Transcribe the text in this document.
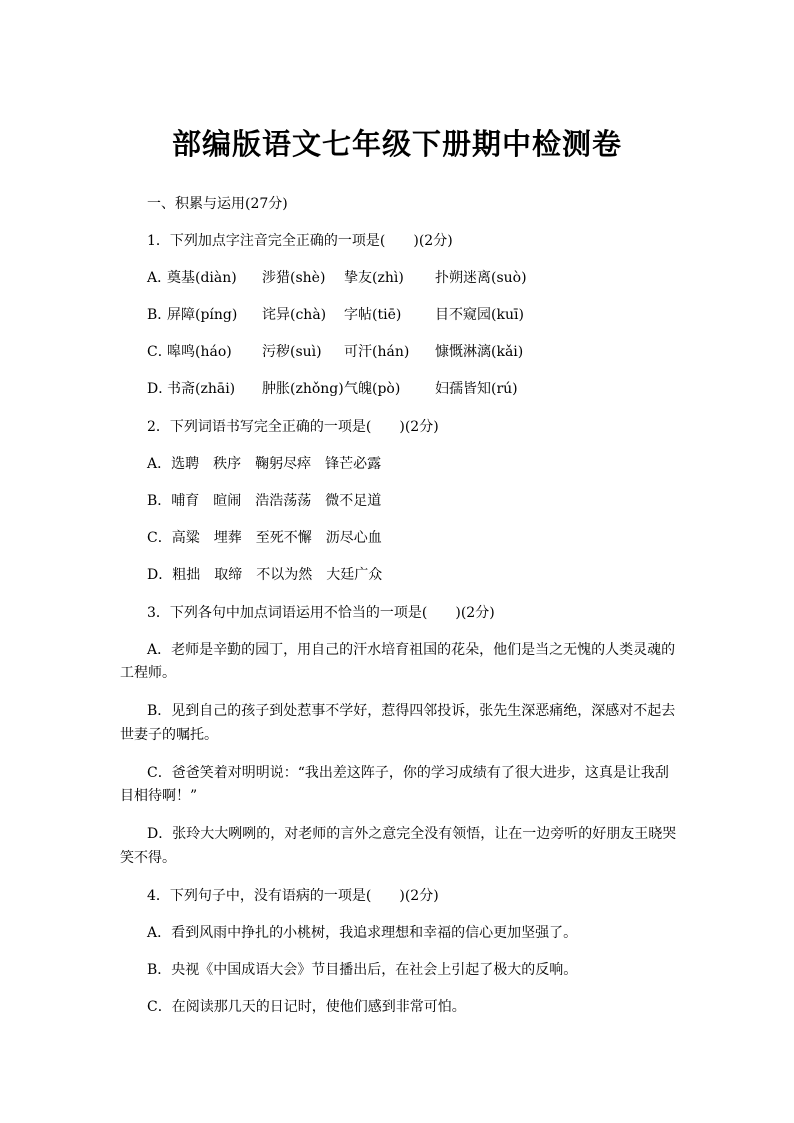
部编版语文七年级下册期中检测卷
一、积累与运用(27分)
1．下列加点字注音完全正确的一项是(　　)(2分)
A．奠基(diàn) 涉猎(shè) 挚友(zhì) 扑朔迷离(suò)
B．屏障(píng) 诧异(chà) 字帖(tiē) 目不窥园(kuī)
C．嗥鸣(háo) 污秽(suì) 可汗(hán) 慷慨淋漓(kǎi)
D．书斋(zhāi) 肿胀(zhǒng)气魄(pò) 妇孺皆知(rú)
2．下列词语书写完全正确的一项是(　　)(2分)
A．选聘　秩序　鞠躬尽瘁　锋芒必露
B．哺育　暄闹　浩浩荡荡　微不足道
C．高粱　埋葬　至死不懈　沥尽心血
D．粗拙　取缔　不以为然　大廷广众
3．下列各句中加点词语运用不恰当的一项是(　　)(2分)
A．老师是辛勤的园丁，用自己的汗水培育祖国的花朵，他们是当之无愧的人类灵魂的
工程师。
B．见到自己的孩子到处惹事不学好，惹得四邻投诉，张先生深恶痛绝，深感对不起去
世妻子的嘱托。
C．爸爸笑着对明明说：“我出差这阵子，你的学习成绩有了很大进步，这真是让我刮
目相待啊！”
D．张玲大大咧咧的，对老师的言外之意完全没有领悟，让在一边旁听的好朋友王晓哭
笑不得。
4．下列句子中，没有语病的一项是(　　)(2分)
A．看到风雨中挣扎的小桃树，我追求理想和幸福的信心更加坚强了。
B．央视《中国成语大会》节目播出后，在社会上引起了极大的反响。
C．在阅读那几天的日记时，使他们感到非常可怕。
